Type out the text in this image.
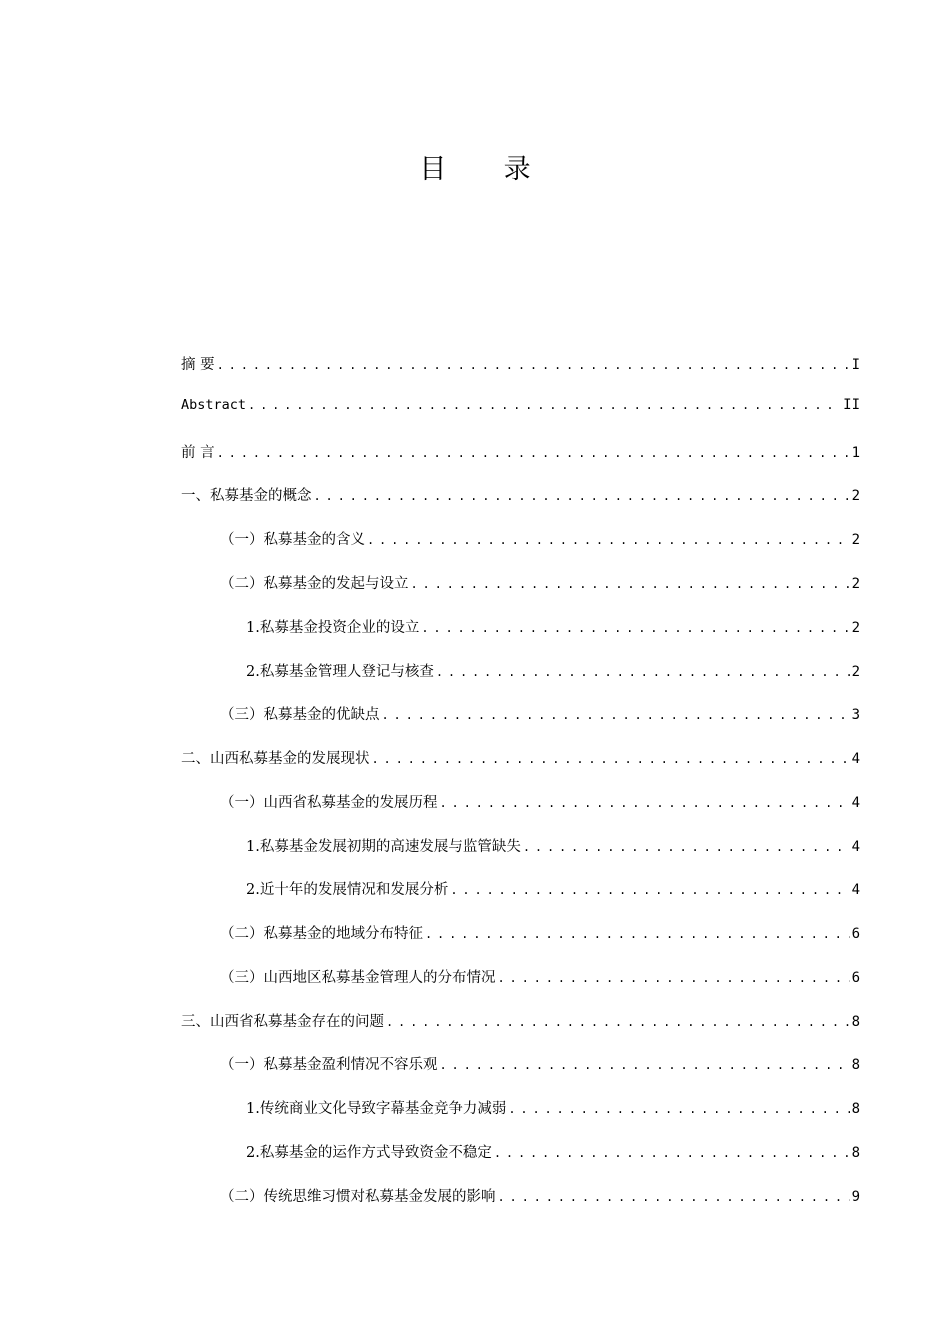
目 录
摘 要 . . .	I
Abstract . . .	II
前 言 . . .	1
一、私募基金的概念 . . .	2
（一）私募基金的含义 . . .	2
（二）私募基金的发起与设立 . . .	2
1.私募基金投资企业的设立 . . .	2
2.私募基金管理人登记与核查 . . .	2
（三）私募基金的优缺点 . . .	3
二、山西私募基金的发展现状 . . .	4
（一）山西省私募基金的发展历程 . . .	4
1.私募基金发展初期的高速发展与监管缺失 . . .	4
2.近十年的发展情况和发展分析 . . .	4
（二）私募基金的地域分布特征 . . .	6
（三）山西地区私募基金管理人的分布情况 . . .	6
三、山西省私募基金存在的问题 . . .	8
（一）私募基金盈利情况不容乐观 . . .	8
1.传统商业文化导致字幕基金竞争力减弱 . . .	8
2.私募基金的运作方式导致资金不稳定 . . .	8
（二）传统思维习惯对私募基金发展的影响 . . .	9
